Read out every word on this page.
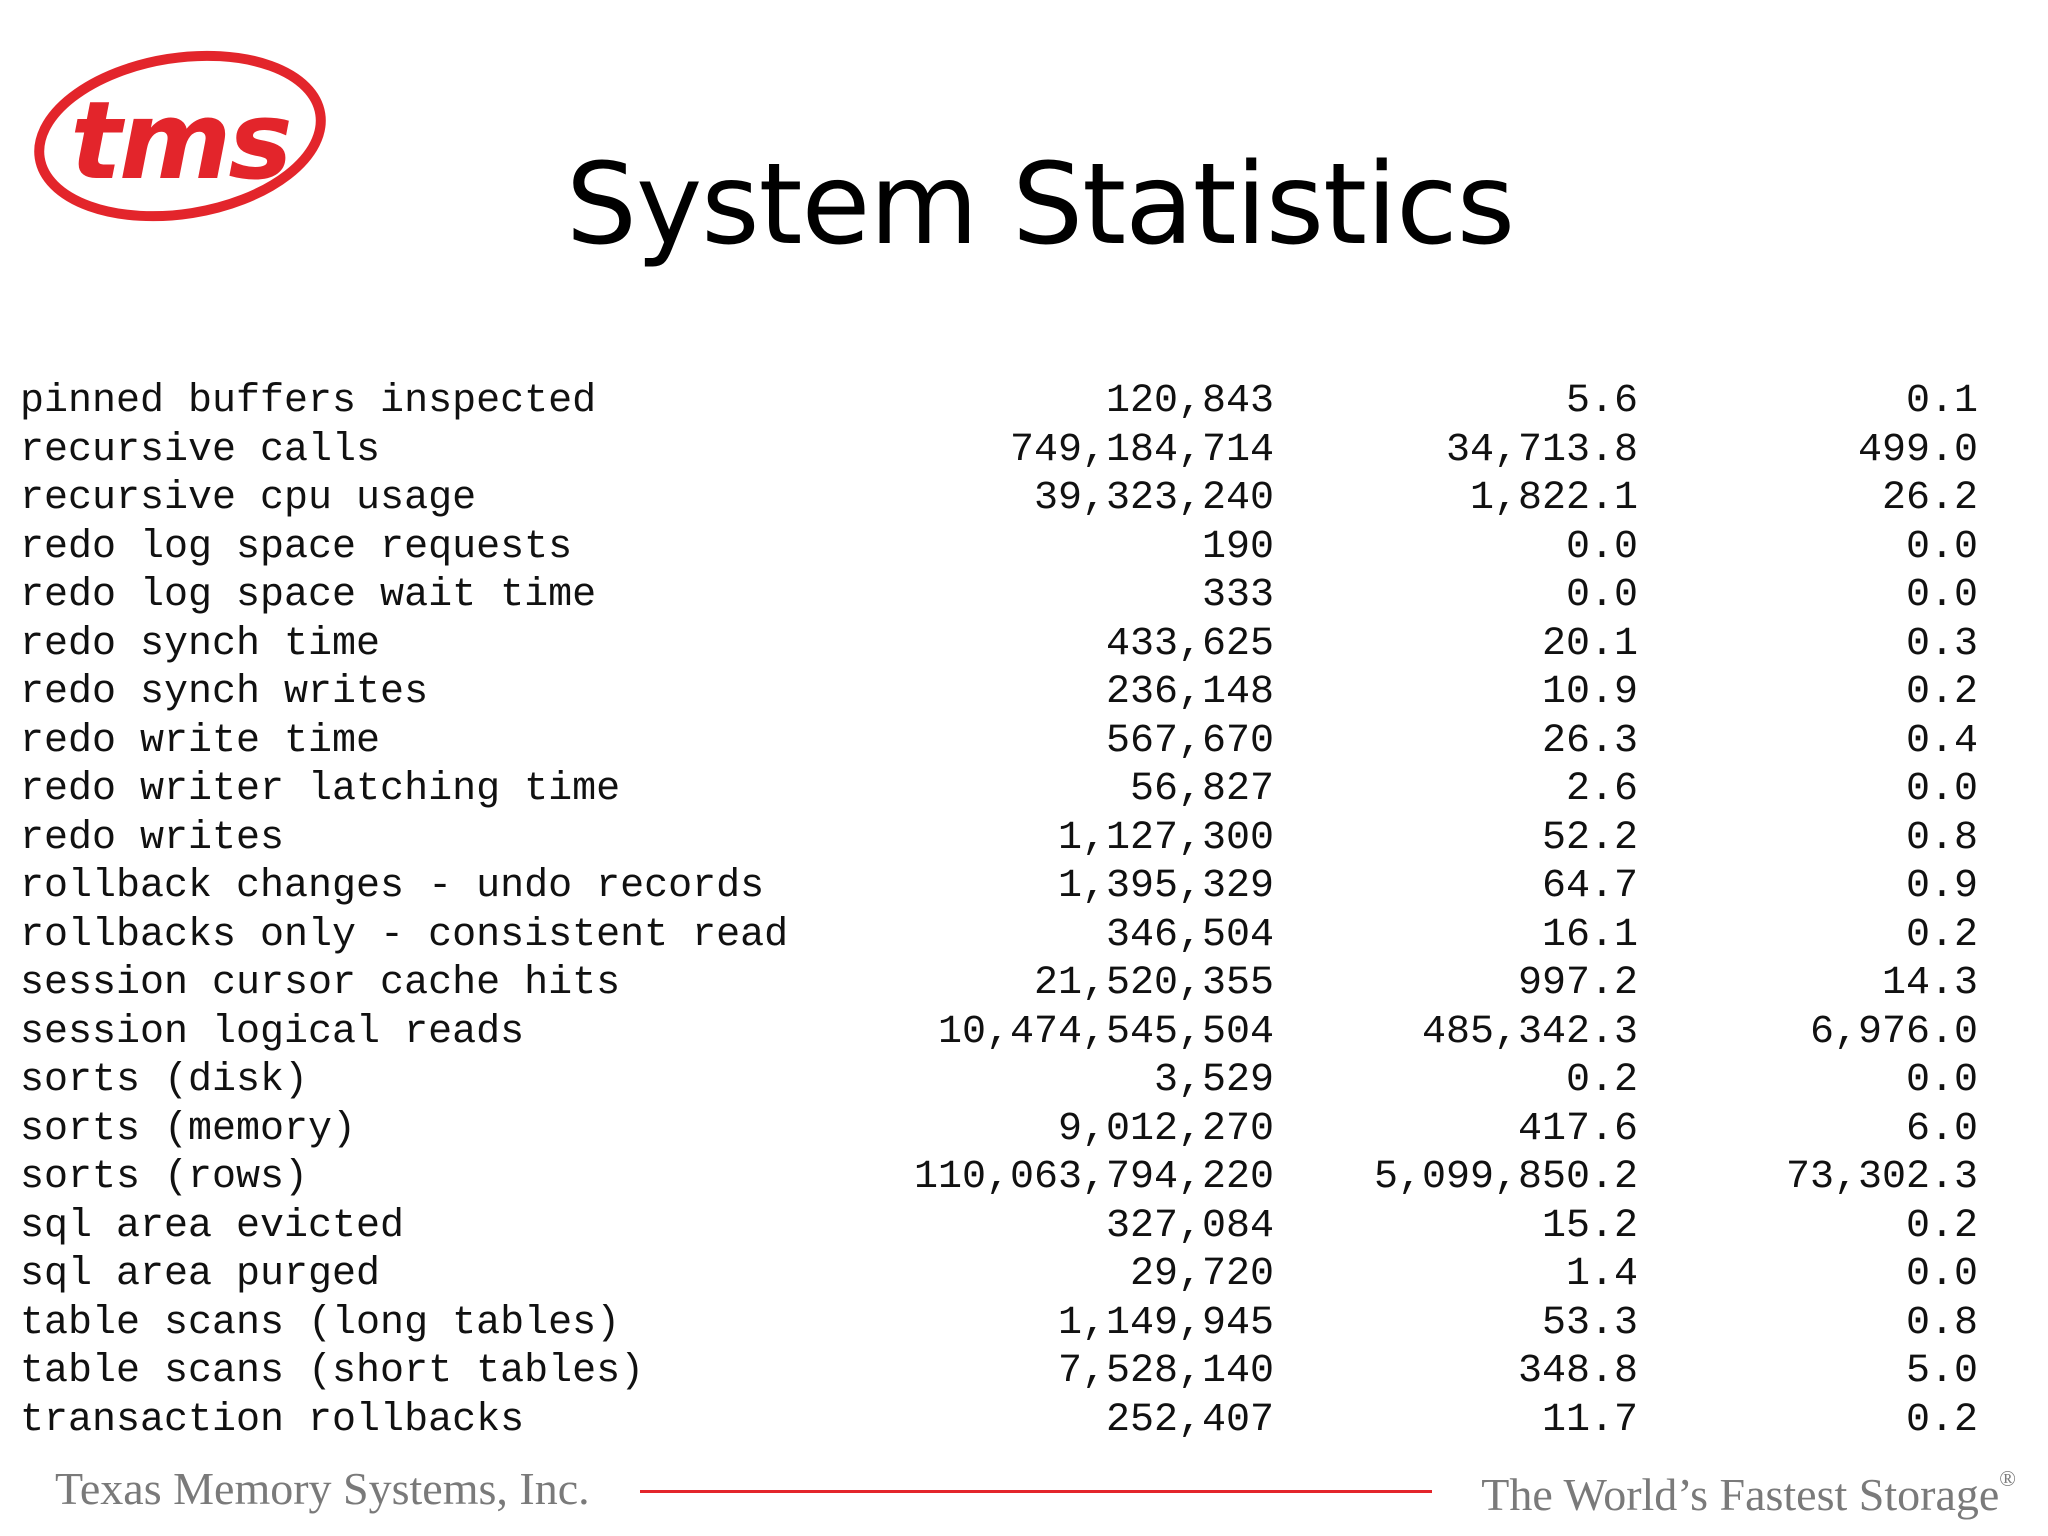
tms	System Statistics
pinned buffers inspected	120,843	5.6	0.1
recursive calls	749,184,714	34,713.8	499.0
recursive cpu usage	39,323,240	1,822.1	26.2
redo log space requests	190	0.0	0.0
redo log space wait time	333	0.0	0.0
redo synch time	433,625	20.1	0.3
redo synch writes	236,148	10.9	0.2
redo write time	567,670	26.3	0.4
redo writer latching time	56,827	2.6	0.0
redo writes	1,127,300	52.2	0.8
rollback changes - undo records	1,395,329	64.7	0.9
rollbacks only - consistent read	346,504	16.1	0.2
session cursor cache hits	21,520,355	997.2	14.3
session logical reads	10,474,545,504	485,342.3	6,976.0
sorts (disk)	3,529	0.2	0.0
sorts (memory)	9,012,270	417.6	6.0
sorts (rows)	110,063,794,220 5,099,850.2	73,302.3
sql area evicted	327,084	15.2	0.2
sql area purged	29,720	1.4	0.0
table scans (long tables)	1,149,945	53.3	0.8
table scans (short tables)	7,528,140	348.8	5.0
transaction rollbacks	252,407	11.7	0.2
Texas Memory Systems, Inc.	The World’s Fastest Storage®
